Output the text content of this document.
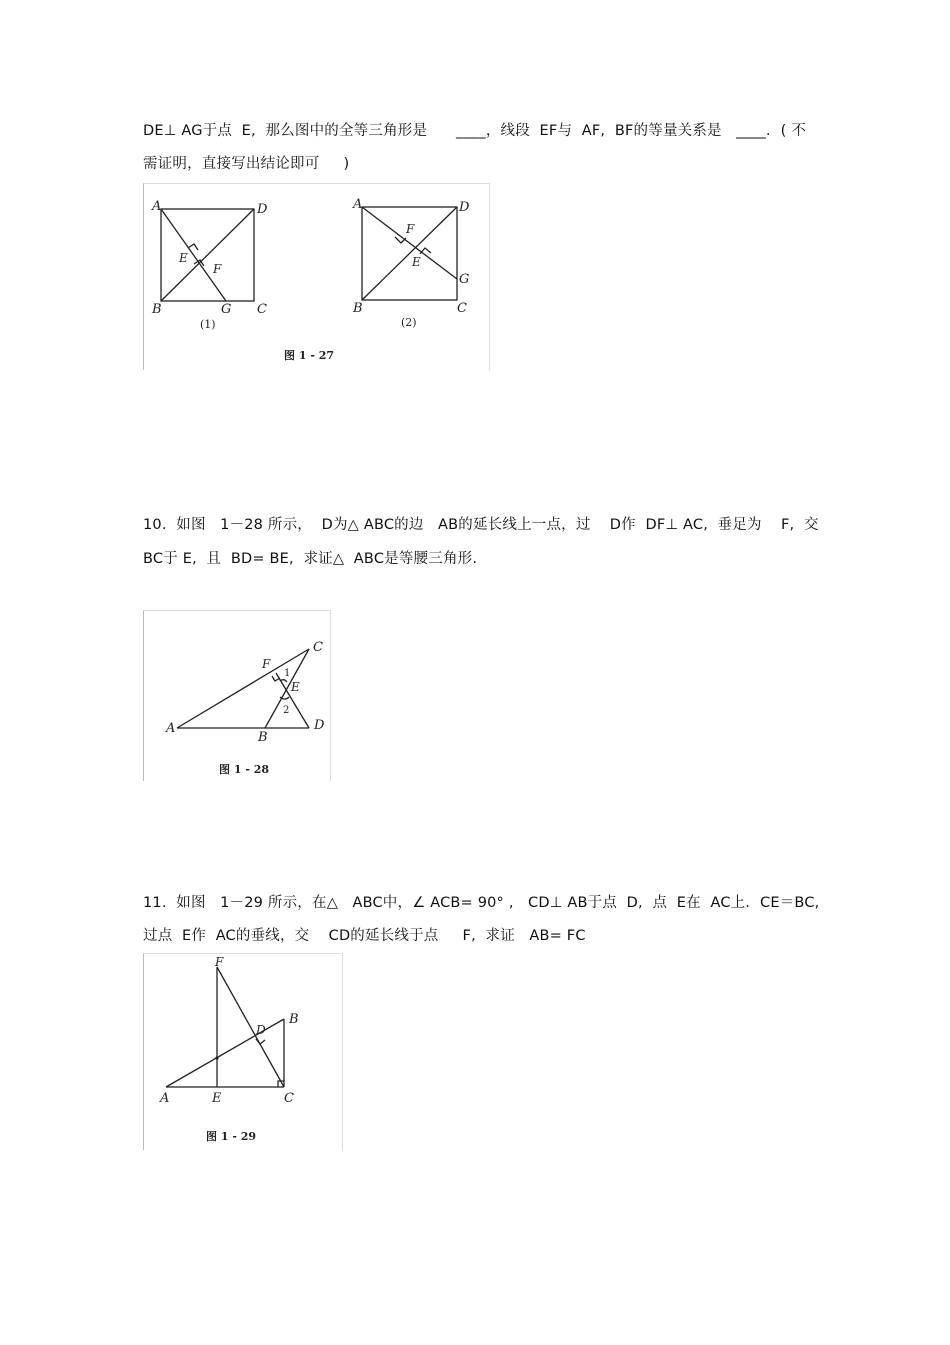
DE⊥ AG于点  E,  那么图中的全等三角形是      ____，线段  EF与  AF,  BF的等量关系是   ____．( 不
需证明，直接写出结论即可     )
A	D
B	C
E
F
G
(1)
A	D
B	C
E
F
G
(2)
图 1 - 27
10.  如图   1－28 所示，  D为△ ABC的边   AB的延长线上一点，过    D作  DF⊥ AC,  垂足为    F,  交
BC于 E,  且  BD= BE,  求证△  ABC是等腰三角形.
A
B
C
D
E
F
1
2
图 1 - 28
11.  如图   1－29 所示，在△   ABC中，∠ ACB= 90° ,   CD⊥ AB于点  D,  点  E在  AC上．CE＝BC,
过点  E作  AC的垂线，交    CD的延长线于点     F,  求证   AB= FC
A
B
C
D
E
F
图 1 - 29
